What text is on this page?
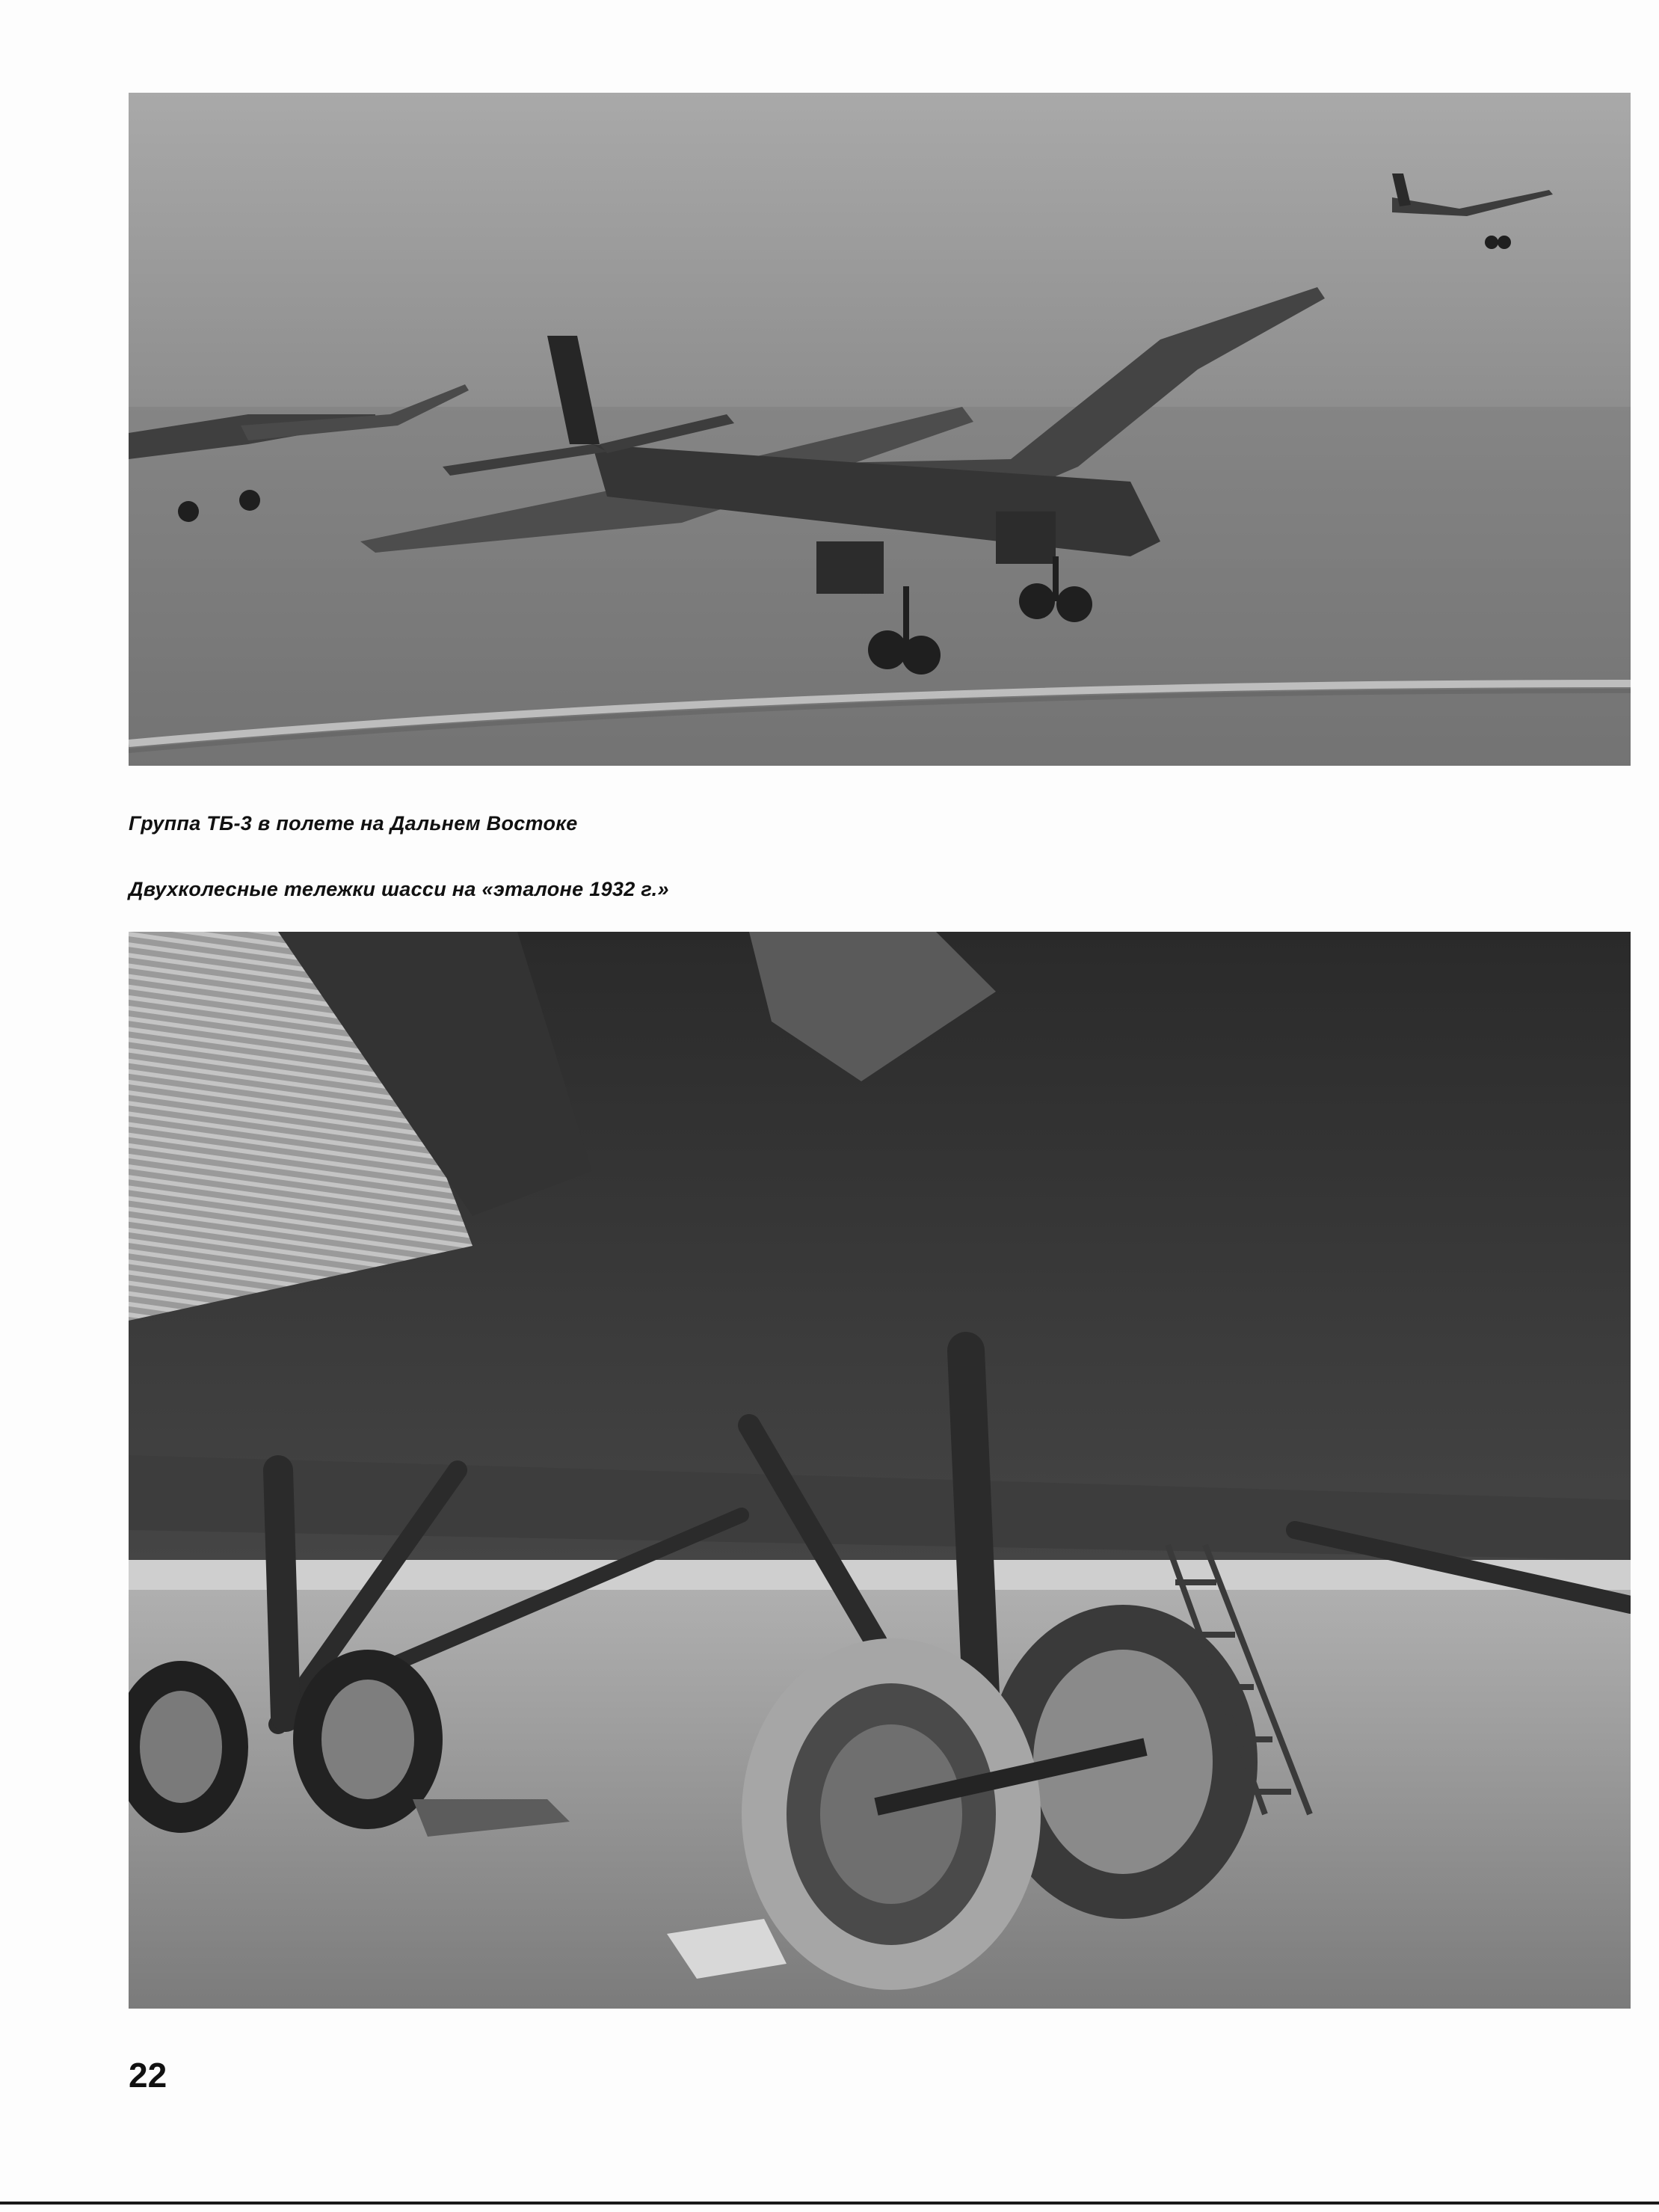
Группа ТБ-3 в полете на Дальнем Востоке
Двухколесные тележки шасси на «эталоне 1932 г.»
22
